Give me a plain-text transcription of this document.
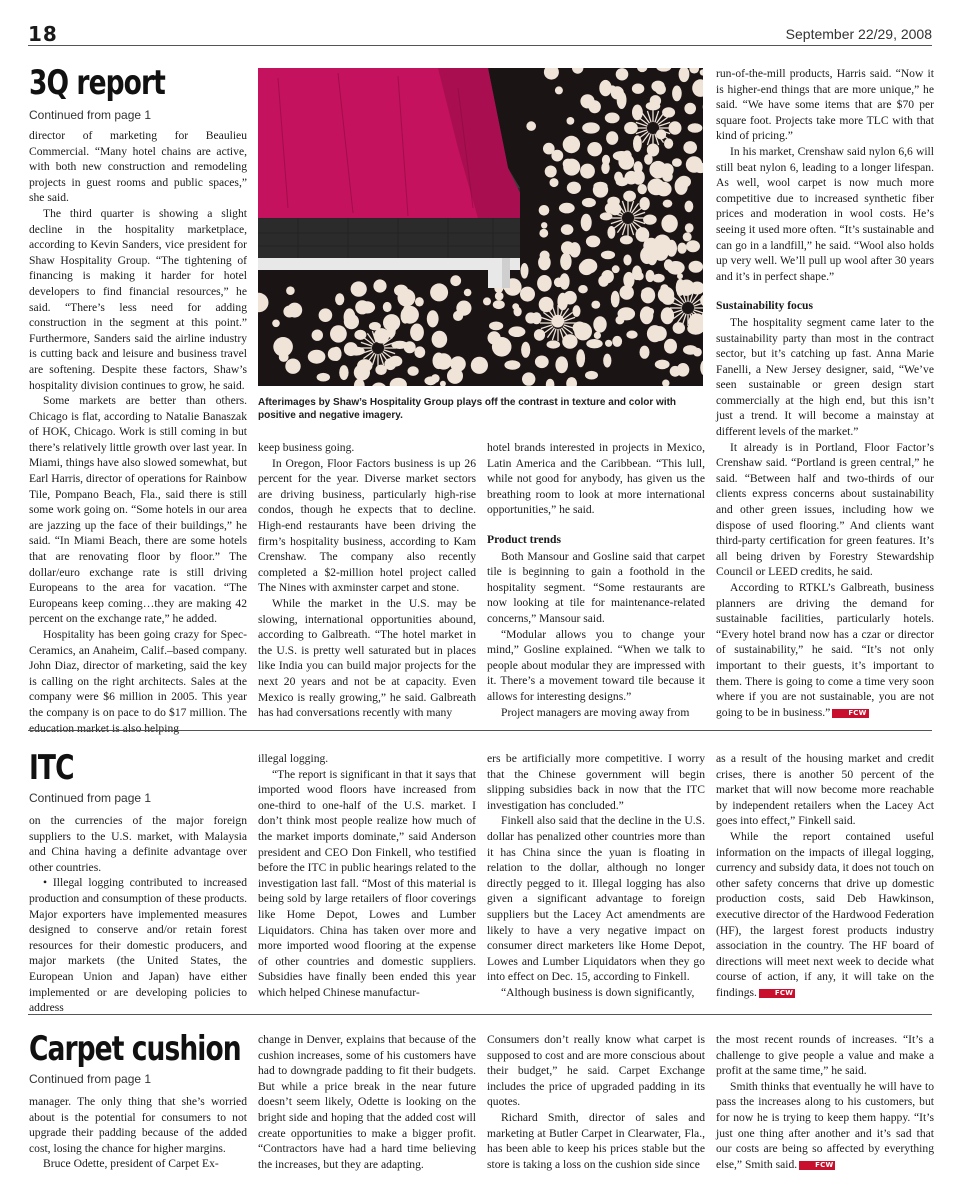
18	September 22/29, 2008
3Q report
Continued from page 1

director of marketing for Beaulieu Commercial. “Many hotel chains are active, with both new construction and remodeling projects in guest rooms and public spaces,” she said.

The third quarter is showing a slight decline in the hospitality marketplace, according to Kevin Sanders, vice president for Shaw Hospitality Group. “The tightening of financing is making it harder for hotel developers to find financial resources,” he said. “There’s less need for adding construction in the segment at this point.” Furthermore, Sanders said the airline industry is cutting back and leisure and business travel are softening. Despite these factors, Shaw’s hospitality division continues to grow, he said.

Some markets are better than others. Chicago is flat, according to Natalie Banaszak of HOK, Chicago. Work is still coming in but there’s relatively little growth over last year. In Miami, things have also slowed somewhat, but Earl Harris, director of operations for Rainbow Tile, Pompano Beach, Fla., said there is still some work going on. “Some hotels in our area are jazzing up the face of their buildings,” he said. “In Miami Beach, there are some hotels that are renovating floor by floor.” The dollar/euro exchange rate is still driving Europeans to the area for vacation. “The Europeans keep coming…they are making 42 percent on the exchange rate,” he added.

Hospitality has been going crazy for Spec-Ceramics, an Anaheim, Calif.–based company. John Diaz, director of marketing, said the key is calling on the right architects. Sales at the company were $6 million in 2005. This year the company is on pace to do $17 million. The education market is also helping

Afterimages by Shaw’s Hospitality Group plays off the contrast in texture and color with positive and negative imagery.

keep business going.

In Oregon, Floor Factors business is up 26 percent for the year. Diverse market sectors are driving business, particularly high-rise condos, though he expects that to decline. High-end restaurants have been driving the firm’s hospitality business, according to Kam Crenshaw. The company also recently completed a $2-million hotel project called The Nines with axminster carpet and stone.

While the market in the U.S. may be slowing, international opportunities abound, according to Galbreath. “The hotel market in the U.S. is pretty well saturated but in places like India you can build major projects for the next 20 years and not be at capacity. Even Mexico is really growing,” he said. Galbreath has had conversations recently with many

hotel brands interested in projects in Mexico, Latin America and the Caribbean. “This lull, while not good for anybody, has given us the breathing room to look at more international opportunities,” he said.

Product trends

Both Mansour and Gosline said that carpet tile is beginning to gain a foothold in the hospitality segment. “Some restaurants are now looking at tile for maintenance-related concerns,” Mansour said.

“Modular allows you to change your mind,” Gosline explained. “When we talk to people about modular they are impressed with it. There’s a movement toward tile because it allows for interesting designs.”

Project managers are moving away from

run-of-the-mill products, Harris said. “Now it is higher-end things that are more unique,” he said. “We have some items that are $70 per square foot. Projects take more TLC with that kind of pricing.”

In his market, Crenshaw said nylon 6,6 will still beat nylon 6, leading to a longer lifespan. As well, wool carpet is now much more competitive due to increased synthetic fiber prices and moderation in wool costs. He’s seeing it used more often. “It’s sustainable and can go in a landfill,” he said. “Wool also holds up very well. We’ll pull up wool after 30 years and it’s in perfect shape.”

Sustainability focus

The hospitality segment came later to the sustainability party than most in the contract sector, but it’s catching up fast. Anna Marie Fanelli, a New Jersey designer, said, “We’ve seen sustainable or green design start commercially at the high end, but this isn’t just a trend. It will become a mainstay at different levels of the market.”

It already is in Portland, Floor Factor’s Crenshaw said. “Portland is green central,” he said. “Between half and two-thirds of our clients express concerns about sustainability and other green issues, including how we dispose of used flooring.” And clients want third-party certification for green features. It’s all being driven by Forestry Stewardship Council or LEED credits, he said.

According to RTKL’s Galbreath, business planners are driving the demand for sustainable facilities, particularly hotels. “Every hotel brand now has a czar or director of sustainability,” he said. “It’s not only important to their guests, it’s important to them. There is going to come a time very soon where if you are not sustainable, you are not going to be in business.”	FCW

ITC
Continued from page 1

on the currencies of the major foreign suppliers to the U.S. market, with Malaysia and China having a definite advantage over other countries.

• Illegal logging contributed to increased production and consumption of these products. Major exporters have implemented measures designed to conserve and/or retain forest resources for their domestic producers, and major markets (the United States, the European Union and Japan) have either implemented or are developing policies to address

illegal logging.

“The report is significant in that it says that imported wood floors have increased from one-third to one-half of the U.S. market. I don’t think most people realize how much of the market imports dominate,” said Anderson president and CEO Don Finkell, who testified before the ITC in public hearings related to the investigation last fall. “Most of this material is being sold by large retailers of floor coverings like Home Depot, Lowes and Lumber Liquidators. China has taken over more and more imported wood flooring at the expense of other countries and domestic suppliers. Subsidies have finally been ended this year which helped Chinese manufactur-

ers be artificially more competitive. I worry that the Chinese government will begin slipping subsidies back in now that the ITC investigation has concluded.”

Finkell also said that the decline in the U.S. dollar has penalized other countries more than it has China since the yuan is floating in relation to the dollar, although no longer directly pegged to it. Illegal logging has also given a significant advantage to foreign suppliers but the Lacey Act amendments are likely to have a very negative impact on consumer direct marketers like Home Depot, Lowes and Lumber Liquidators when they go into effect on Dec. 15, according to Finkell.

“Although business is down significantly,

as a result of the housing market and credit crises, there is another 50 percent of the market that will now become more reachable by independent retailers when the Lacey Act goes into effect,” Finkell said.

While the report contained useful information on the impacts of illegal logging, currency and subsidy data, it does not touch on other safety concerns that drive up domestic production costs, said Deb Hawkinson, executive director of the Hardwood Federation (HF), the largest forest products industry association in the country. The HF board of directions will meet next week to decide what course of action, if any, it will take on the findings.	FCW

Carpet cushion
Continued from page 1

manager. The only thing that she’s worried about is the potential for consumers to not upgrade their padding because of the added cost, losing the chance for higher margins.

Bruce Odette, president of Carpet Ex-

change in Denver, explains that because of the cushion increases, some of his customers have had to downgrade padding to fit their budgets. But while a price break in the near future doesn’t seem likely, Odette is looking on the bright side and hoping that the added cost will create opportunities to make a bigger profit. “Contractors have had a hard time believing the increases, but they are adapting.

Consumers don’t really know what carpet is supposed to cost and are more conscious about their budget,” he said. Carpet Exchange includes the price of upgraded padding in its quotes.

Richard Smith, director of sales and marketing at Butler Carpet in Clearwater, Fla., has been able to keep his prices stable but the store is taking a loss on the cushion side since

the most recent rounds of increases. “It’s a challenge to give people a value and make a profit at the same time,” he said.

Smith thinks that eventually he will have to pass the increases along to his customers, but for now he is trying to keep them happy. “It’s just one thing after another and it’s sad that our costs are being so affected by everything else,” Smith said.	FCW
